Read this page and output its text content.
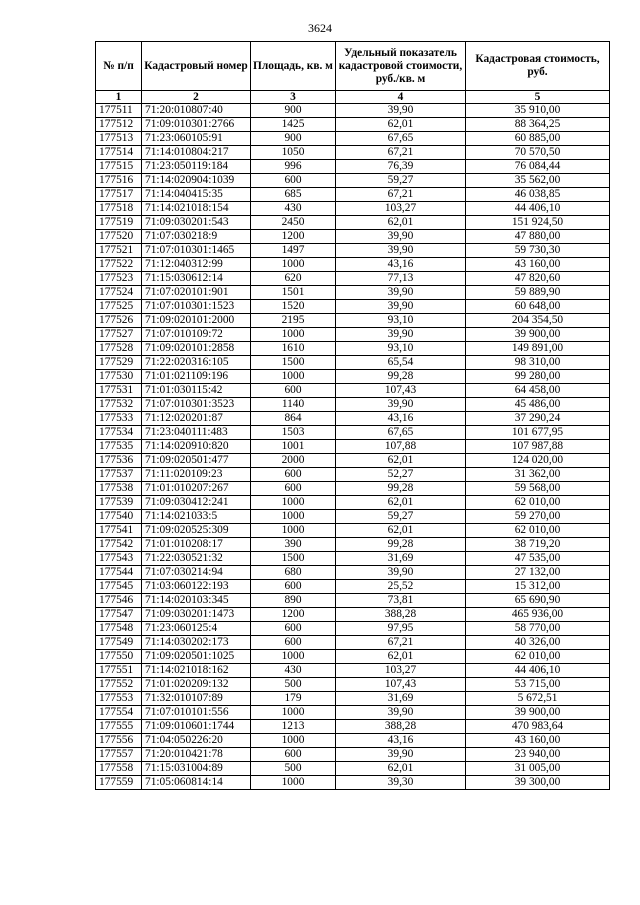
3624
№ п/п	Кадастровый номер	Площадь, кв. м	Удельный показатель кадастровой стоимости, руб./кв. м	Кадастровая стоимость, руб.
1	2	3	4	5
177511	71:20:010807:40	900	39,90	35 910,00
177512	71:09:010301:2766	1425	62,01	88 364,25
177513	71:23:060105:91	900	67,65	60 885,00
177514	71:14:010804:217	1050	67,21	70 570,50
177515	71:23:050119:184	996	76,39	76 084,44
177516	71:14:020904:1039	600	59,27	35 562,00
177517	71:14:040415:35	685	67,21	46 038,85
177518	71:14:021018:154	430	103,27	44 406,10
177519	71:09:030201:543	2450	62,01	151 924,50
177520	71:07:030218:9	1200	39,90	47 880,00
177521	71:07:010301:1465	1497	39,90	59 730,30
177522	71:12:040312:99	1000	43,16	43 160,00
177523	71:15:030612:14	620	77,13	47 820,60
177524	71:07:020101:901	1501	39,90	59 889,90
177525	71:07:010301:1523	1520	39,90	60 648,00
177526	71:09:020101:2000	2195	93,10	204 354,50
177527	71:07:010109:72	1000	39,90	39 900,00
177528	71:09:020101:2858	1610	93,10	149 891,00
177529	71:22:020316:105	1500	65,54	98 310,00
177530	71:01:021109:196	1000	99,28	99 280,00
177531	71:01:030115:42	600	107,43	64 458,00
177532	71:07:010301:3523	1140	39,90	45 486,00
177533	71:12:020201:87	864	43,16	37 290,24
177534	71:23:040111:483	1503	67,65	101 677,95
177535	71:14:020910:820	1001	107,88	107 987,88
177536	71:09:020501:477	2000	62,01	124 020,00
177537	71:11:020109:23	600	52,27	31 362,00
177538	71:01:010207:267	600	99,28	59 568,00
177539	71:09:030412:241	1000	62,01	62 010,00
177540	71:14:021033:5	1000	59,27	59 270,00
177541	71:09:020525:309	1000	62,01	62 010,00
177542	71:01:010208:17	390	99,28	38 719,20
177543	71:22:030521:32	1500	31,69	47 535,00
177544	71:07:030214:94	680	39,90	27 132,00
177545	71:03:060122:193	600	25,52	15 312,00
177546	71:14:020103:345	890	73,81	65 690,90
177547	71:09:030201:1473	1200	388,28	465 936,00
177548	71:23:060125:4	600	97,95	58 770,00
177549	71:14:030202:173	600	67,21	40 326,00
177550	71:09:020501:1025	1000	62,01	62 010,00
177551	71:14:021018:162	430	103,27	44 406,10
177552	71:01:020209:132	500	107,43	53 715,00
177553	71:32:010107:89	179	31,69	5 672,51
177554	71:07:010101:556	1000	39,90	39 900,00
177555	71:09:010601:1744	1213	388,28	470 983,64
177556	71:04:050226:20	1000	43,16	43 160,00
177557	71:20:010421:78	600	39,90	23 940,00
177558	71:15:031004:89	500	62,01	31 005,00
177559	71:05:060814:14	1000	39,30	39 300,00
